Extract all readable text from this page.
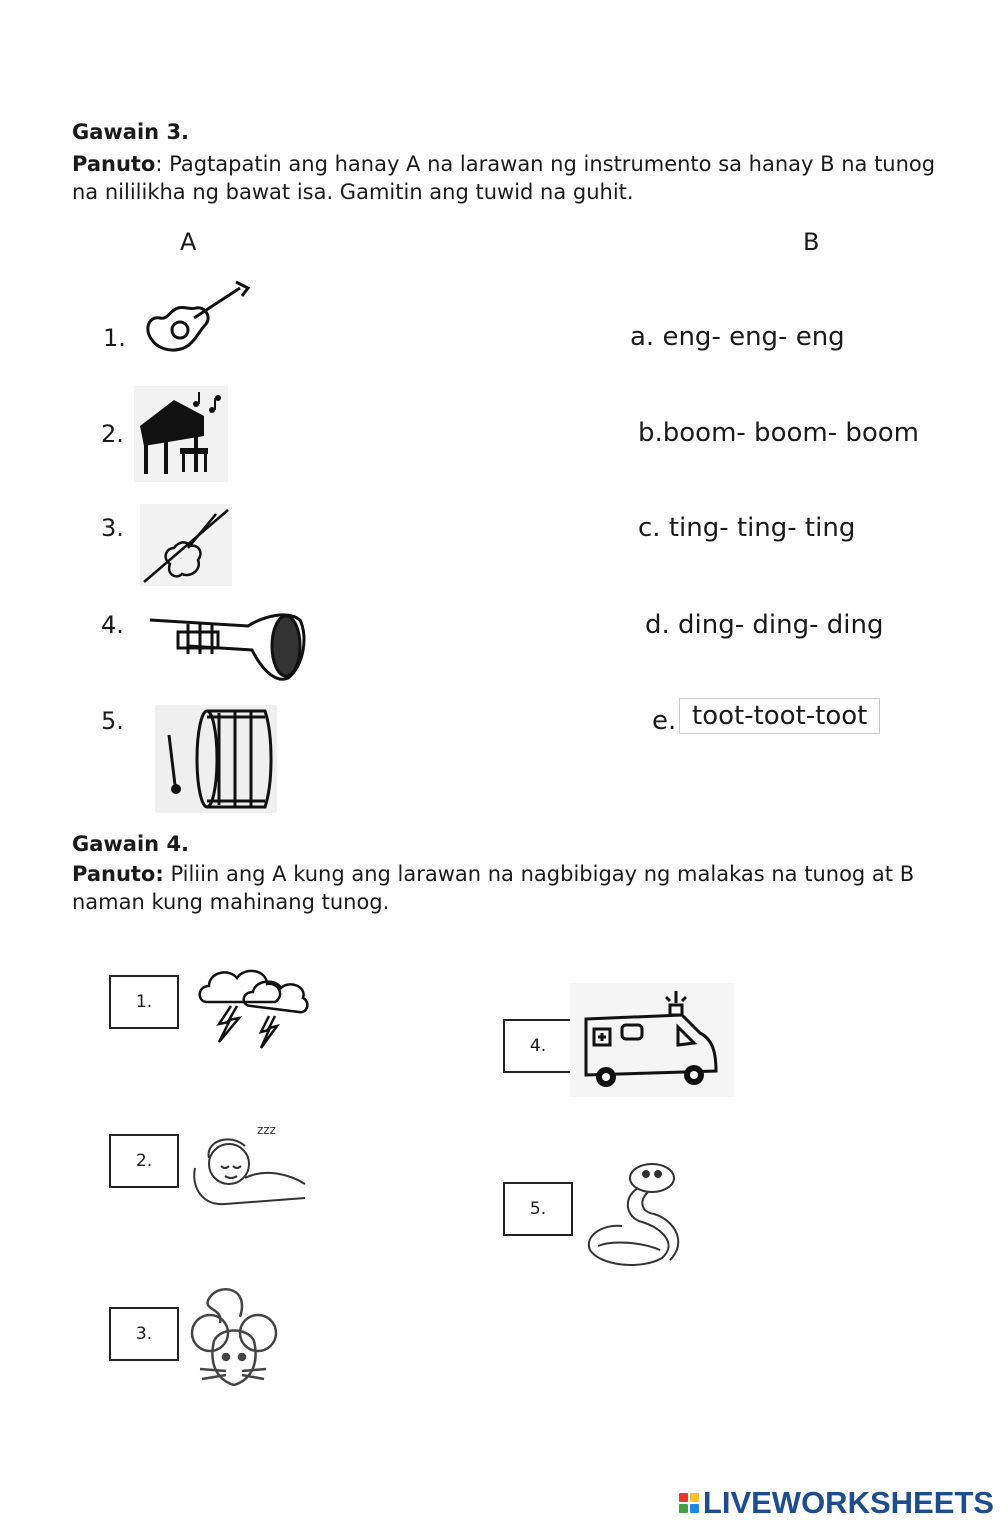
Gawain 3.
Panuto: Pagtapatin ang hanay A na larawan ng instrumento sa hanay B na tunog na nililikha ng bawat isa. Gamitin ang tuwid na guhit.
A	B
1.
2.
3.
4.
5.
a. eng- eng- eng
b.boom- boom- boom
c. ting- ting- ting
d. ding- ding- ding
e. toot-toot-toot
Gawain 4.
Panuto: Piliin ang A kung ang larawan na nagbibigay ng malakas na tunog at B naman kung mahinang tunog.
1.
2.
3.
4.
5.
zzz
LIVEWORKSHEETS
